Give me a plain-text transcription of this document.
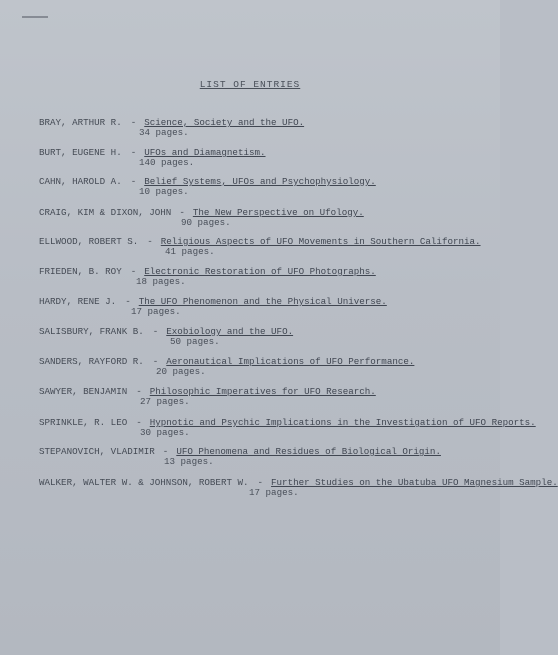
LIST OF ENTRIES
BRAY, ARTHUR R. - Science, Society and the UFO.
34 pages.
BURT, EUGENE H. - UFOs and Diamagnetism.
140 pages.
CAHN, HAROLD A. - Belief Systems, UFOs and Psychophysiology.
10 pages.
CRAIG, KIM & DIXON, JOHN - The New Perspective on Ufology.
90 pages.
ELLWOOD, ROBERT S. - Religious Aspects of UFO Movements in Southern California.
41 pages.
FRIEDEN, B. ROY - Electronic Restoration of UFO Photographs.
18 pages.
HARDY, RENE J. - The UFO Phenomenon and the Physical Universe.
17 pages.
SALISBURY, FRANK B. - Exobiology and the UFO.
50 pages.
SANDERS, RAYFORD R. - Aeronautical Implications of UFO Performance.
20 pages.
SAWYER, BENJAMIN - Philosophic Imperatives for UFO Research.
27 pages.
SPRINKLE, R. LEO - Hypnotic and Psychic Implications in the Investigation of UFO Reports.
30 pages.
STEPANOVICH, VLADIMIR - UFO Phenomena and Residues of Biological Origin.
13 pages.
WALKER, WALTER W. & JOHNSON, ROBERT W. - Further Studies on the Ubatuba UFO Magnesium Sample.
17 pages.
